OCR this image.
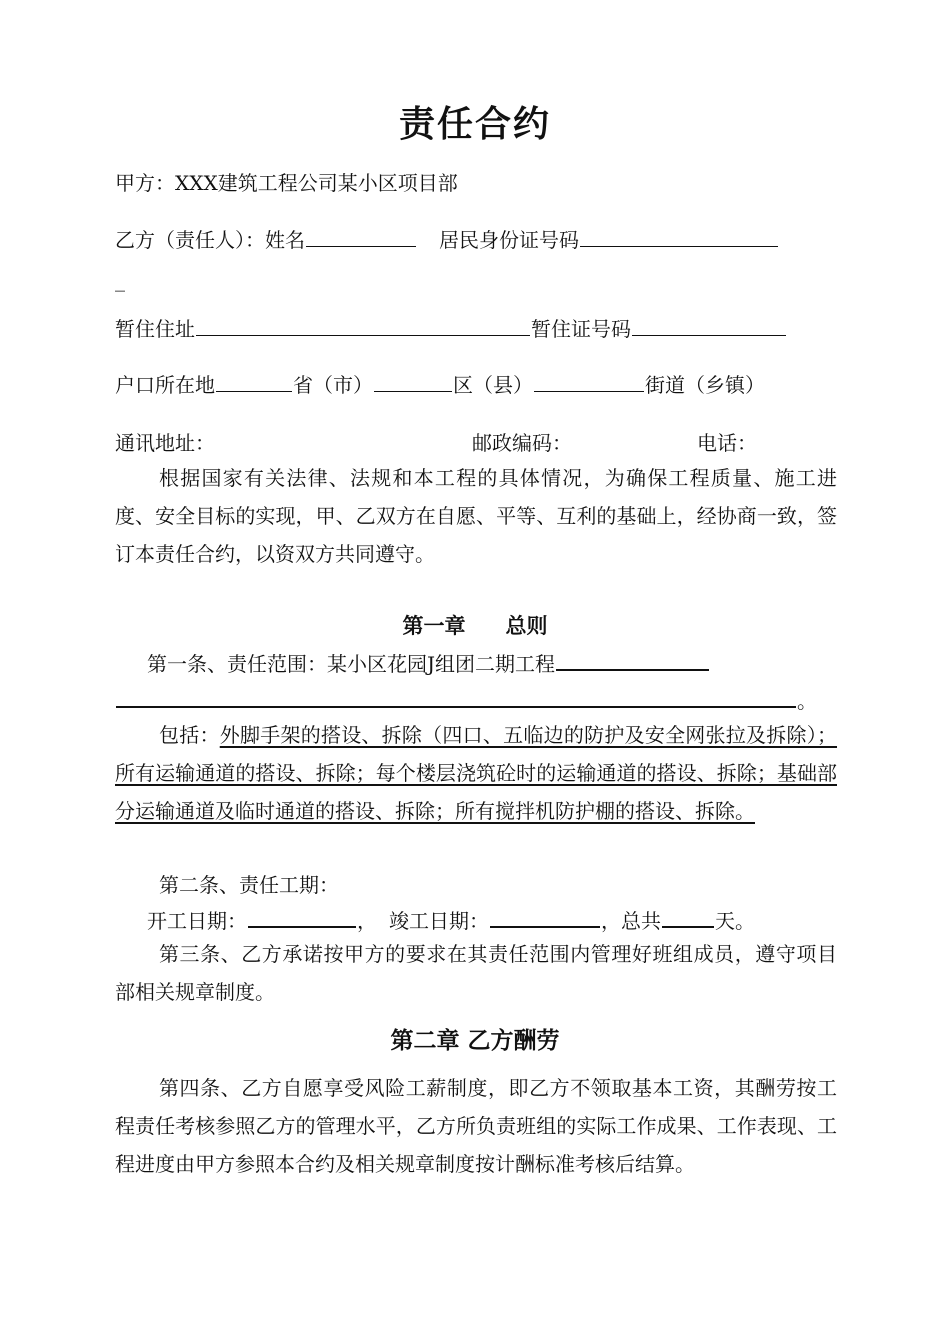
责任合约
甲方：XXX建筑工程公司某小区项目部
乙方（责任人）：姓名	居民身份证号码
_
暂住住址	暂住证号码
户口所在地	省（市）	区（县）	街道（乡镇）
通讯地址：	邮政编码：	电话：
根据国家有关法律、法规和本工程的具体情况，为确保工程质量、施工进度、安全目标的实现，甲、乙双方在自愿、平等、互利的基础上，经协商一致，签订本责任合约，以资双方共同遵守。
第一章 总则
第一条、责任范围：某小区花园J组团二期工程
。
包括：外脚手架的搭设、拆除（四口、五临边的防护及安全网张拉及拆除）；所有运输通道的搭设、拆除；每个楼层浇筑砼时的运输通道的搭设、拆除；基础部分运输通道及临时通道的搭设、拆除；所有搅拌机防护棚的搭设、拆除。
第二条、责任工期：
开工日期：	， 竣工日期：	，总共	天。
第三条、乙方承诺按甲方的要求在其责任范围内管理好班组成员，遵守项目部相关规章制度。
第二章 乙方酬劳
第四条、乙方自愿享受风险工薪制度，即乙方不领取基本工资，其酬劳按工程责任考核参照乙方的管理水平，乙方所负责班组的实际工作成果、工作表现、工程进度由甲方参照本合约及相关规章制度按计酬标准考核后结算。
